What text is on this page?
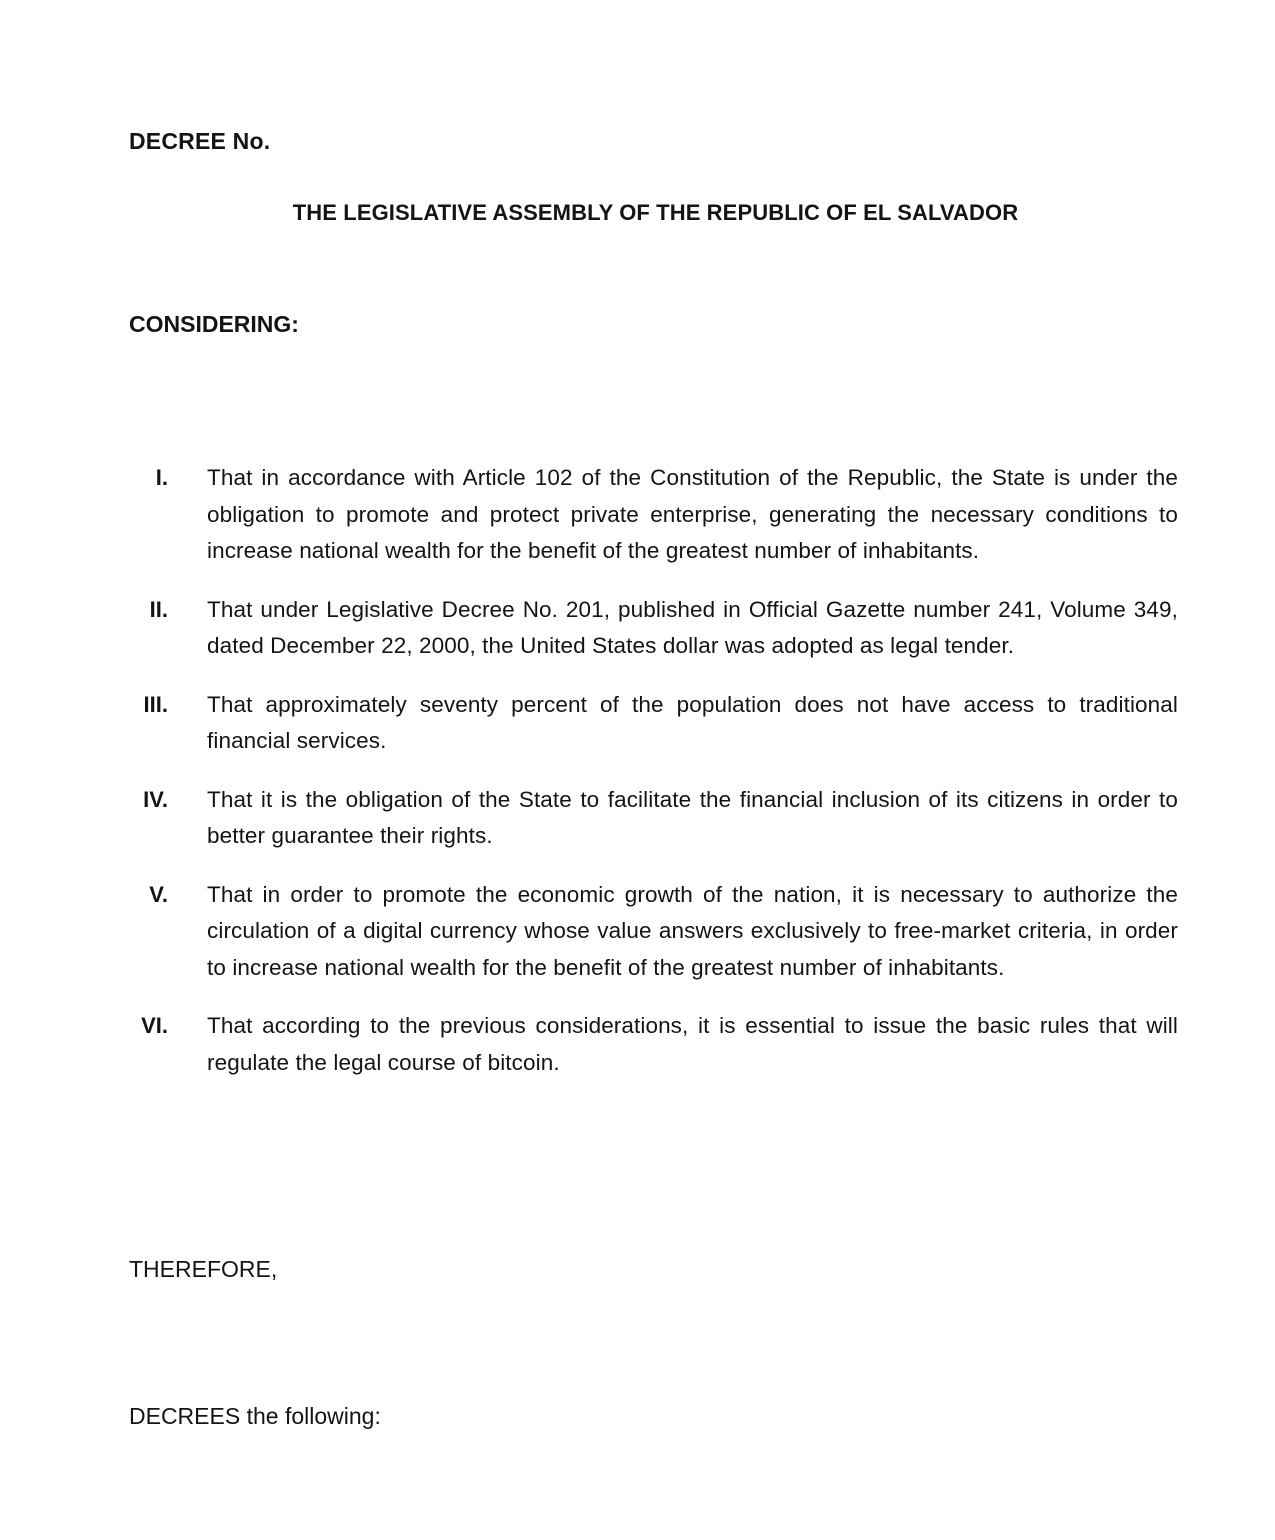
DECREE No.
THE LEGISLATIVE ASSEMBLY OF THE REPUBLIC OF EL SALVADOR
CONSIDERING:
I.	That in accordance with Article 102 of the Constitution of the Republic, the State is under the obligation to promote and protect private enterprise, generating the necessary conditions to increase national wealth for the benefit of the greatest number of inhabitants.
II.	That under Legislative Decree No. 201, published in Official Gazette number 241, Volume 349, dated December 22, 2000, the United States dollar was adopted as legal tender.
III.	That approximately seventy percent of the population does not have access to traditional financial services.
IV.	That it is the obligation of the State to facilitate the financial inclusion of its citizens in order to better guarantee their rights.
V.	That in order to promote the economic growth of the nation, it is necessary to authorize the circulation of a digital currency whose value answers exclusively to free-market criteria, in order to increase national wealth for the benefit of the greatest number of inhabitants.
VI.	That according to the previous considerations, it is essential to issue the basic rules that will regulate the legal course of bitcoin.
THEREFORE,
DECREES the following:
